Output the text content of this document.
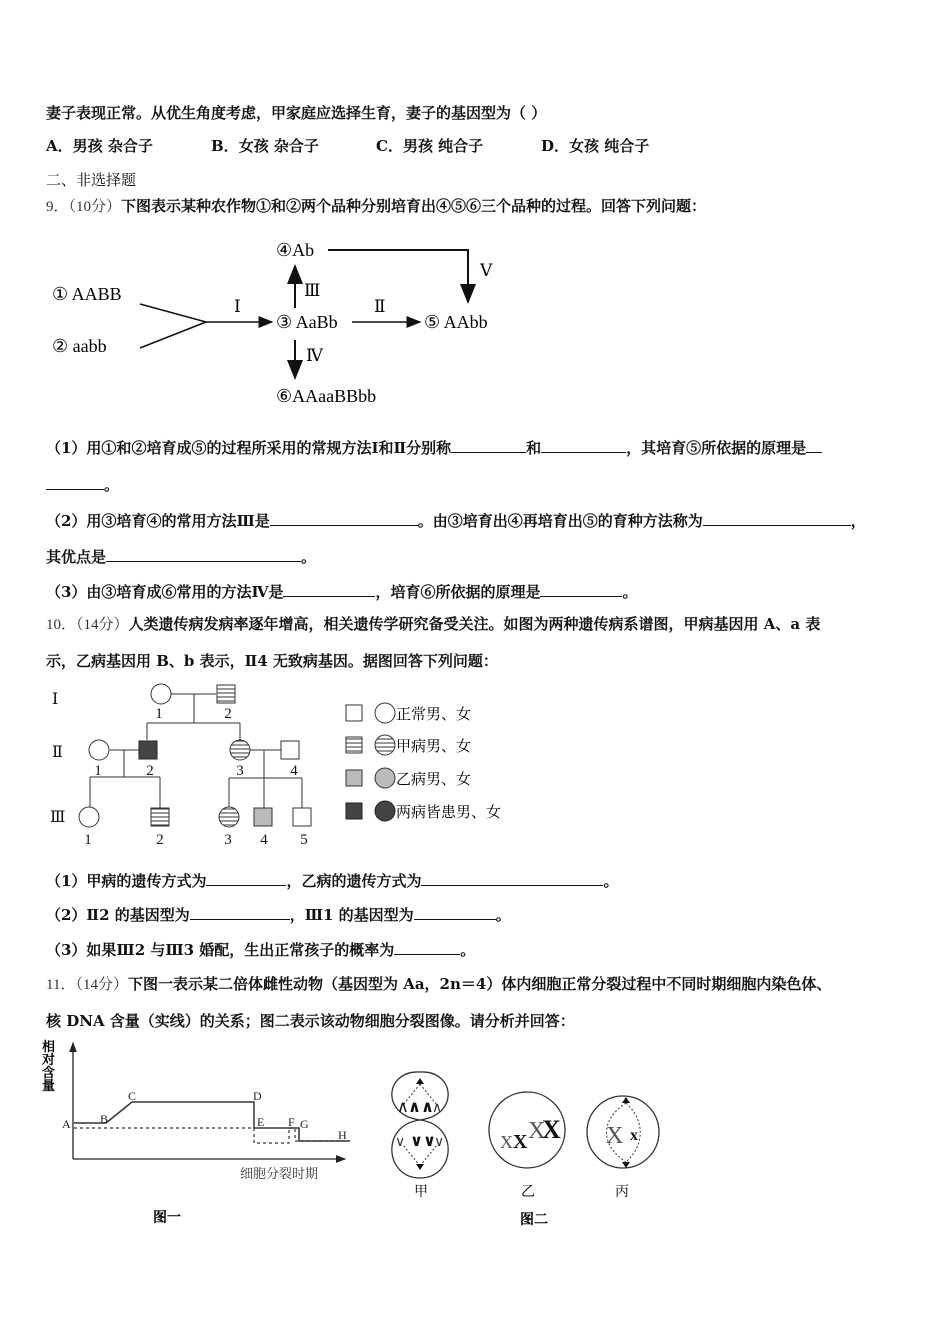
妻子表现正常。从优生角度考虑，甲家庭应选择生育，妻子的基因型为（ ）
A．男孩 杂合子	B．女孩 杂合子	C．男孩 纯合子	D．女孩 纯合子
二、非选择题
9．（10分）下图表示某种农作物①和②两个品种分别培育出④⑤⑥三个品种的过程。回答下列问题：
① AABB
② aabb
Ⅰ
③ AaBb
Ⅱ
⑤ AAbb
Ⅲ
④Ab
Ⅴ
Ⅳ
⑥AAaaBBbb
（1）用①和②培育成⑤的过程所采用的常规方法Ⅰ和Ⅱ分别称	和	，其培育⑤所依据的原理是
。
（2）用③培育④的常用方法Ⅲ是	。由③培育出④再培育出⑤的育种方法称为	，
其优点是	。
（3）由③培育成⑥常用的方法Ⅳ是	，培育⑥所依据的原理是	。
10．（14分）人类遗传病发病率逐年增高，相关遗传学研究备受关注。如图为两种遗传病系谱图，甲病基因用 A、a 表
示，乙病基因用 B、b 表示，Ⅱ4 无致病基因。据图回答下列问题：
Ⅰ
Ⅱ
Ⅲ
1	2
1	2	3	4
1	2	3 4 5
正常男、女
甲病男、女
乙病男、女
两病皆患男、女
（1）甲病的遗传方式为	，乙病的遗传方式为	。
（2）Ⅱ2 的基因型为	，Ⅲ1 的基因型为	。
（3）如果Ⅲ2 与Ⅲ3 婚配，生出正常孩子的概率为	。
11．（14分）下图一表示某二倍体雌性动物（基因型为 Aa，2n＝4）体内细胞正常分裂过程中不同时期细胞内染色体、
核 DNA 含量（实线）的关系；图二表示该动物细胞分裂图像。请分析并回答：
相对含量
A B
C	D
E F G
H
细胞分裂时期
图一
∧ ∧∧
∧
∨ ∨∨
∨
甲
X X X
X
乙
X x
丙
图二
